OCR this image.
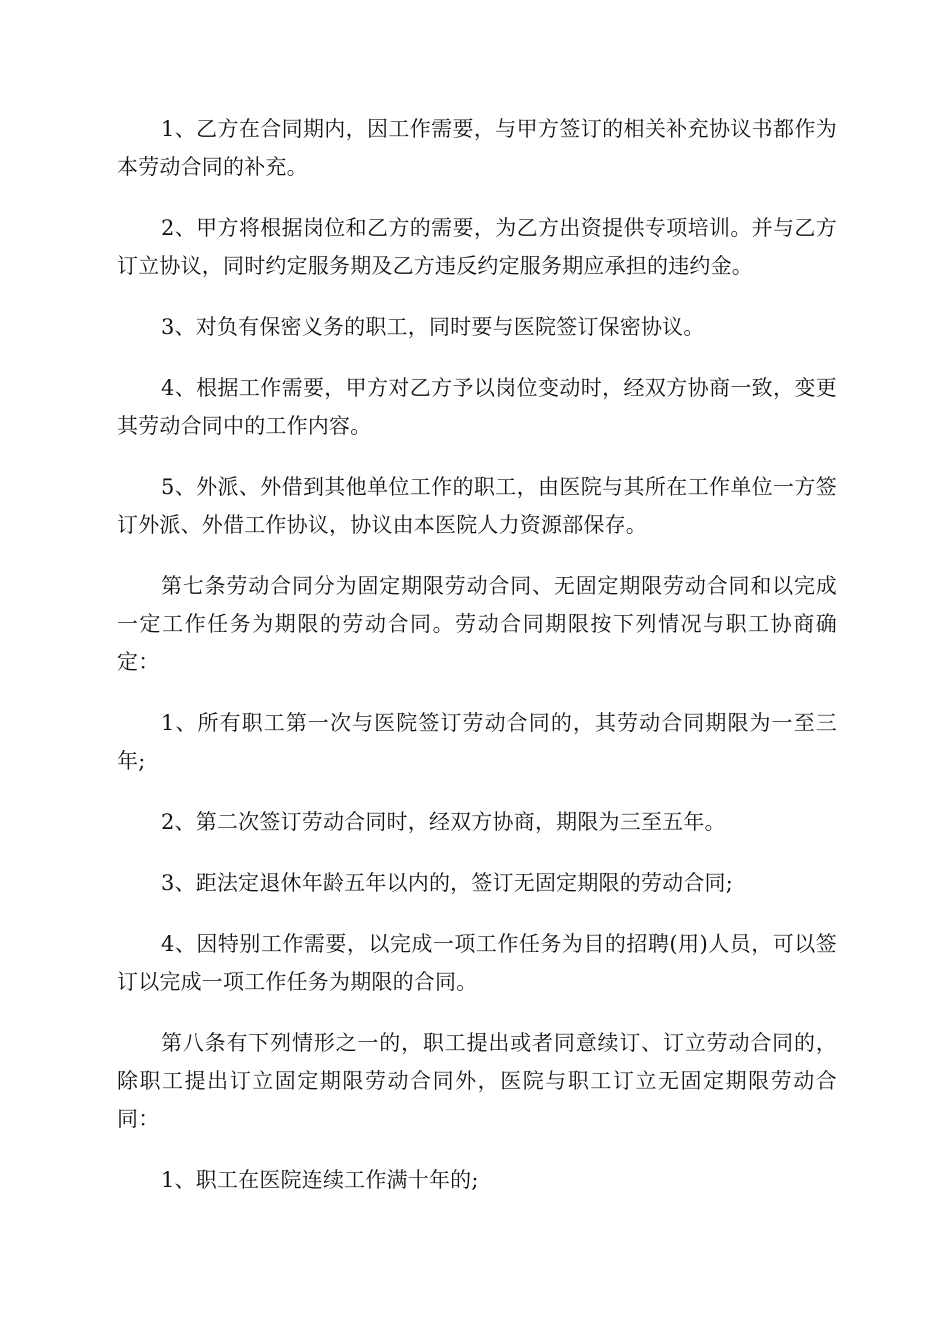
1、乙方在合同期内，因工作需要，与甲方签订的相关补充协议书都作为本劳动合同的补充。

2、甲方将根据岗位和乙方的需要，为乙方出资提供专项培训。并与乙方订立协议，同时约定服务期及乙方违反约定服务期应承担的违约金。

3、对负有保密义务的职工，同时要与医院签订保密协议。

4、根据工作需要，甲方对乙方予以岗位变动时，经双方协商一致，变更其劳动合同中的工作内容。

5、外派、外借到其他单位工作的职工，由医院与其所在工作单位一方签订外派、外借工作协议，协议由本医院人力资源部保存。

第七条劳动合同分为固定期限劳动合同、无固定期限劳动合同和以完成一定工作任务为期限的劳动合同。劳动合同期限按下列情况与职工协商确定：

1、所有职工第一次与医院签订劳动合同的，其劳动合同期限为一至三年;

2、第二次签订劳动合同时，经双方协商，期限为三至五年。

3、距法定退休年龄五年以内的，签订无固定期限的劳动合同;

4、因特别工作需要，以完成一项工作任务为目的招聘(用)人员，可以签订以完成一项工作任务为期限的合同。

第八条有下列情形之一的，职工提出或者同意续订、订立劳动合同的，除职工提出订立固定期限劳动合同外，医院与职工订立无固定期限劳动合同：

1、职工在医院连续工作满十年的;
